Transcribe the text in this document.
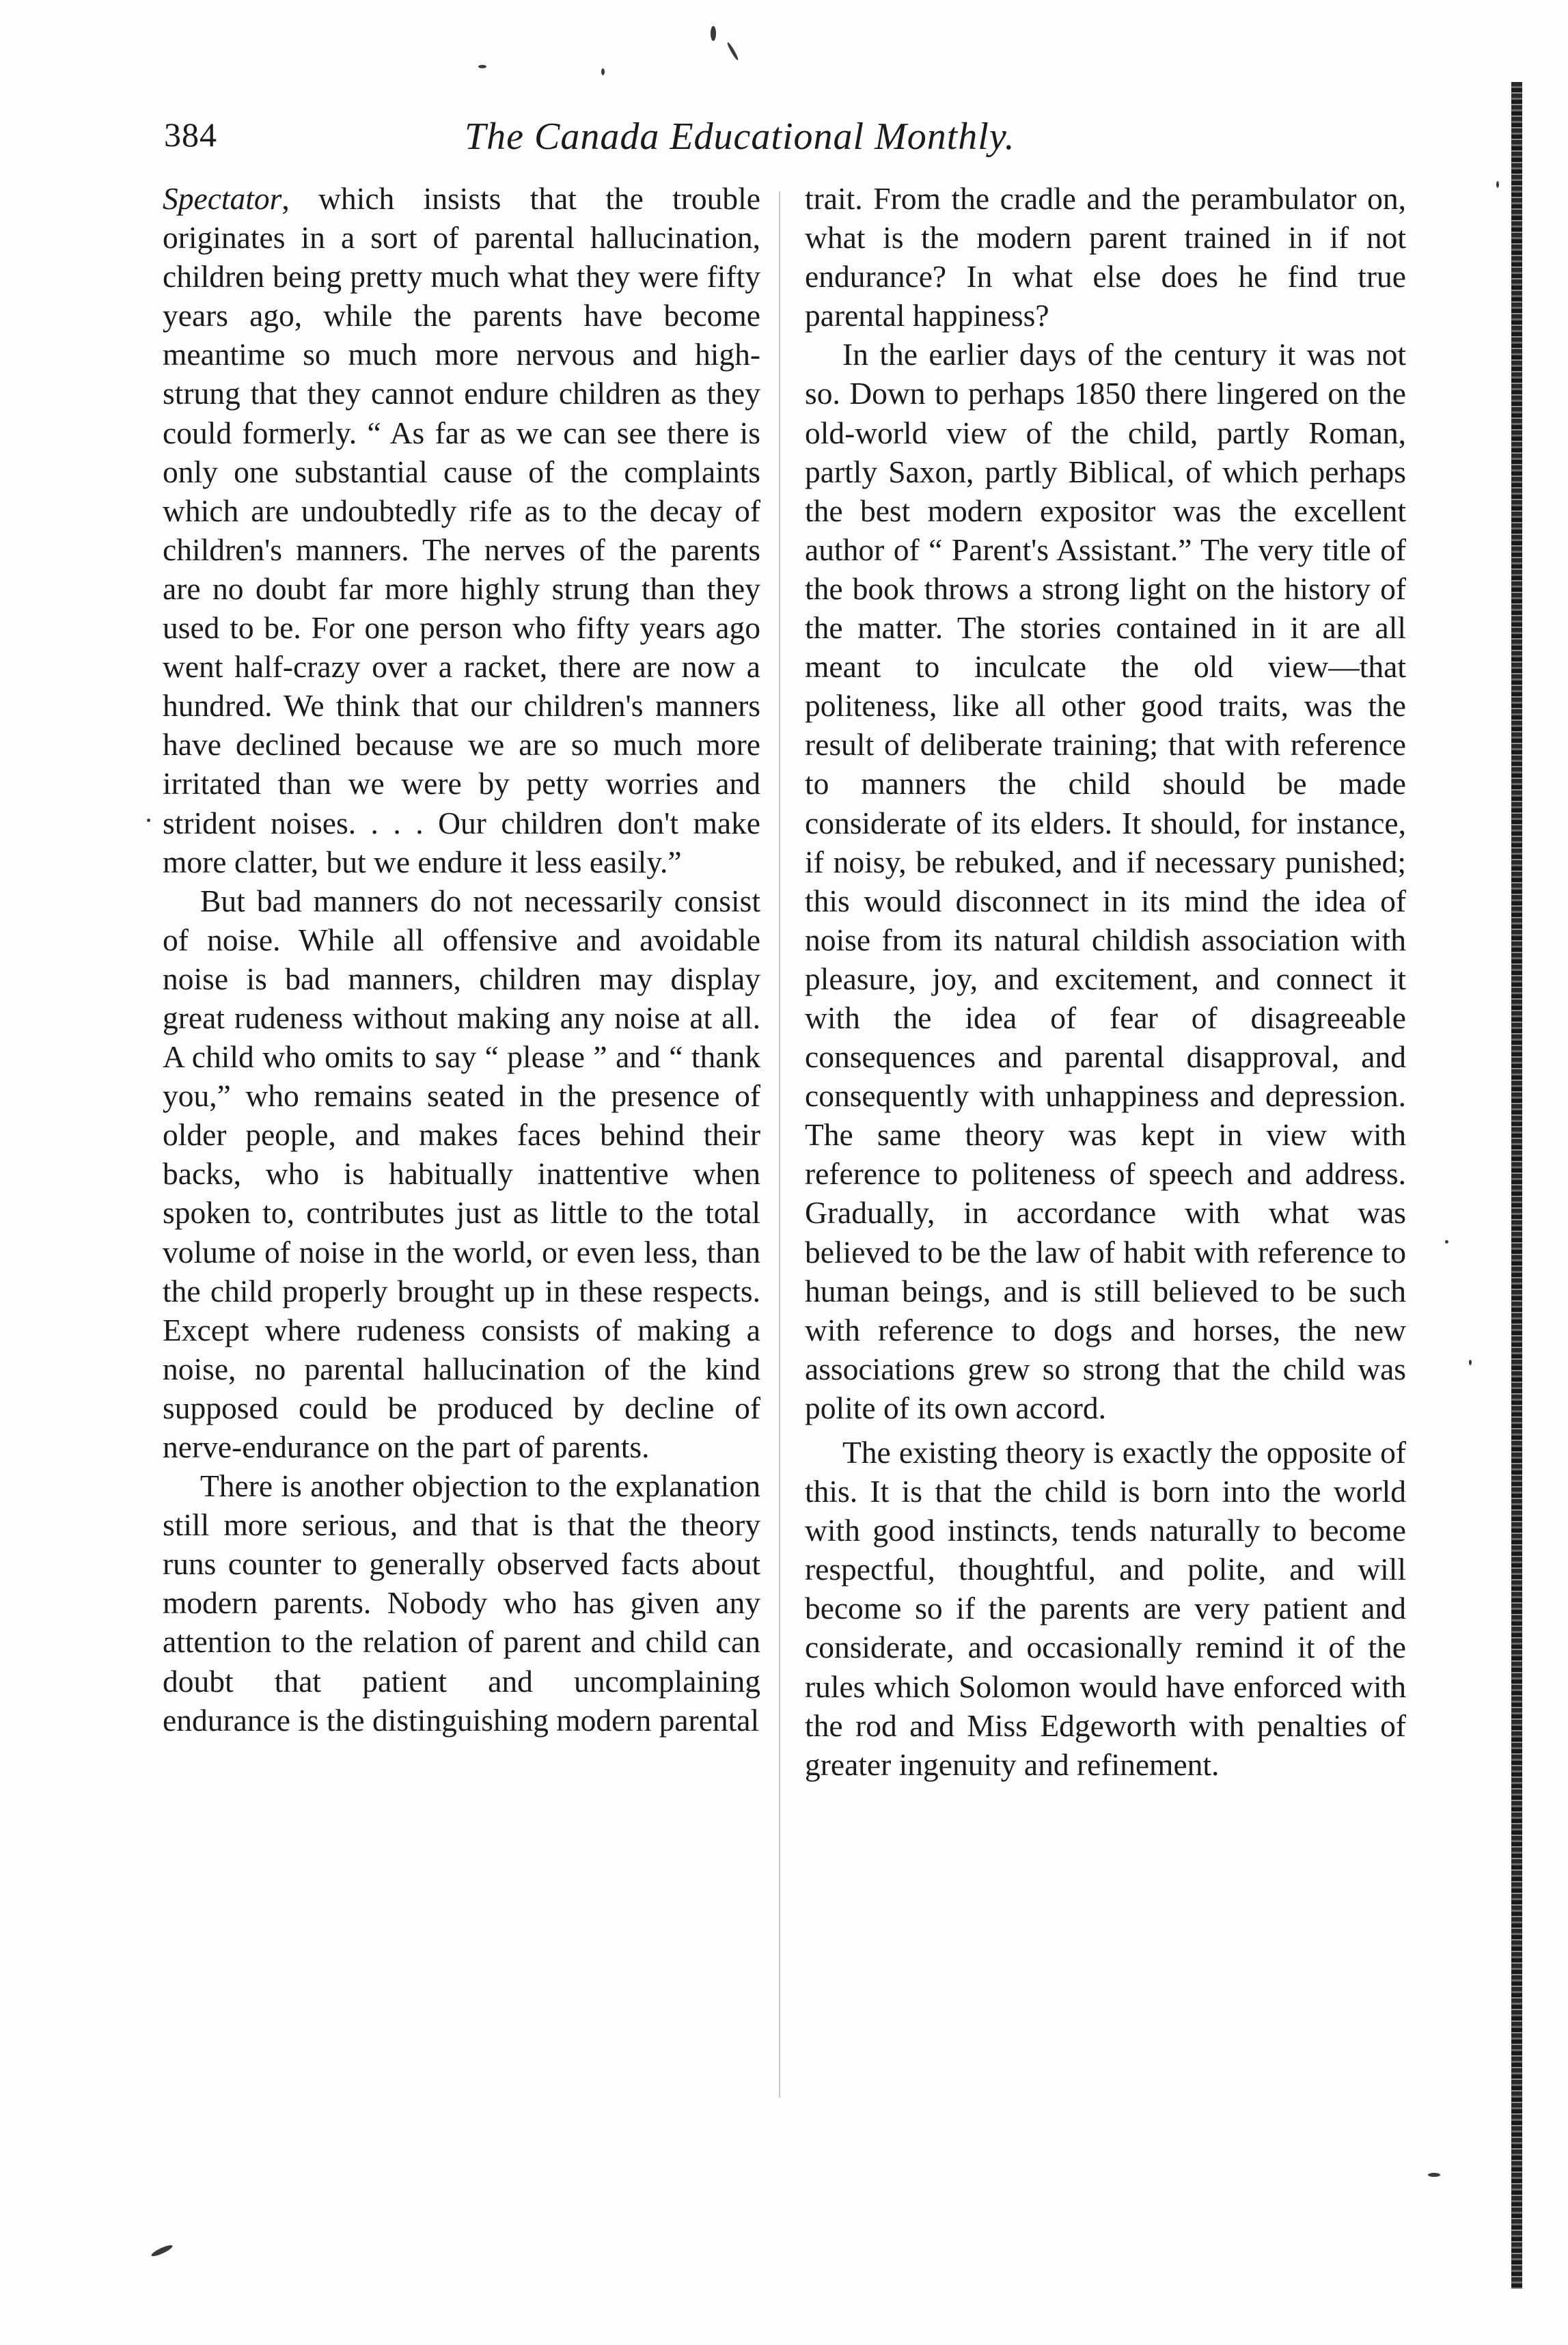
384	The Canada Educational Monthly.

Spectator, which insists that the trouble originates in a sort of parental hallucination, children being pretty much what they were fifty years ago, while the parents have become meantime so much more nervous and high-strung that they cannot endure children as they could formerly. “ As far as we can see there is only one substantial cause of the complaints which are undoubtedly rife as to the decay of children's manners. The nerves of the parents are no doubt far more highly strung than they used to be. For one person who fifty years ago went half-crazy over a racket, there are now a hundred. We think that our children's manners have declined because we are so much more irritated than we were by petty worries and strident noises. . . . Our children don't make more clatter, but we endure it less easily.”

But bad manners do not necessarily consist of noise. While all offensive and avoidable noise is bad manners, children may display great rudeness without making any noise at all. A child who omits to say “ please ” and “ thank you,” who remains seated in the presence of older people, and makes faces behind their backs, who is habitually inattentive when spoken to, contributes just as little to the total volume of noise in the world, or even less, than the child properly brought up in these respects. Except where rudeness consists of making a noise, no parental hallucination of the kind supposed could be produced by decline of nerve-endurance on the part of parents.

There is another objection to the explanation still more serious, and that is that the theory runs counter to generally observed facts about modern parents. Nobody who has given any attention to the relation of parent and child can doubt that patient and uncomplaining endurance is the distinguishing modern parental

trait. From the cradle and the perambulator on, what is the modern parent trained in if not endurance? In what else does he find true parental happiness?

In the earlier days of the century it was not so. Down to perhaps 1850 there lingered on the old-world view of the child, partly Roman, partly Saxon, partly Biblical, of which perhaps the best modern expositor was the excellent author of “ Parent's Assistant.” The very title of the book throws a strong light on the history of the matter. The stories contained in it are all meant to inculcate the old view—that politeness, like all other good traits, was the result of deliberate training; that with reference to manners the child should be made considerate of its elders. It should, for instance, if noisy, be rebuked, and if necessary punished; this would disconnect in its mind the idea of noise from its natural childish association with pleasure, joy, and excitement, and connect it with the idea of fear of disagreeable consequences and parental disapproval, and consequently with unhappiness and depression. The same theory was kept in view with reference to politeness of speech and address. Gradually, in accordance with what was believed to be the law of habit with reference to human beings, and is still believed to be such with reference to dogs and horses, the new associations grew so strong that the child was polite of its own accord.

The existing theory is exactly the opposite of this. It is that the child is born into the world with good instincts, tends naturally to become respectful, thoughtful, and polite, and will become so if the parents are very patient and considerate, and occasionally remind it of the rules which Solomon would have enforced with the rod and Miss Edgeworth with penalties of greater ingenuity and refinement.
